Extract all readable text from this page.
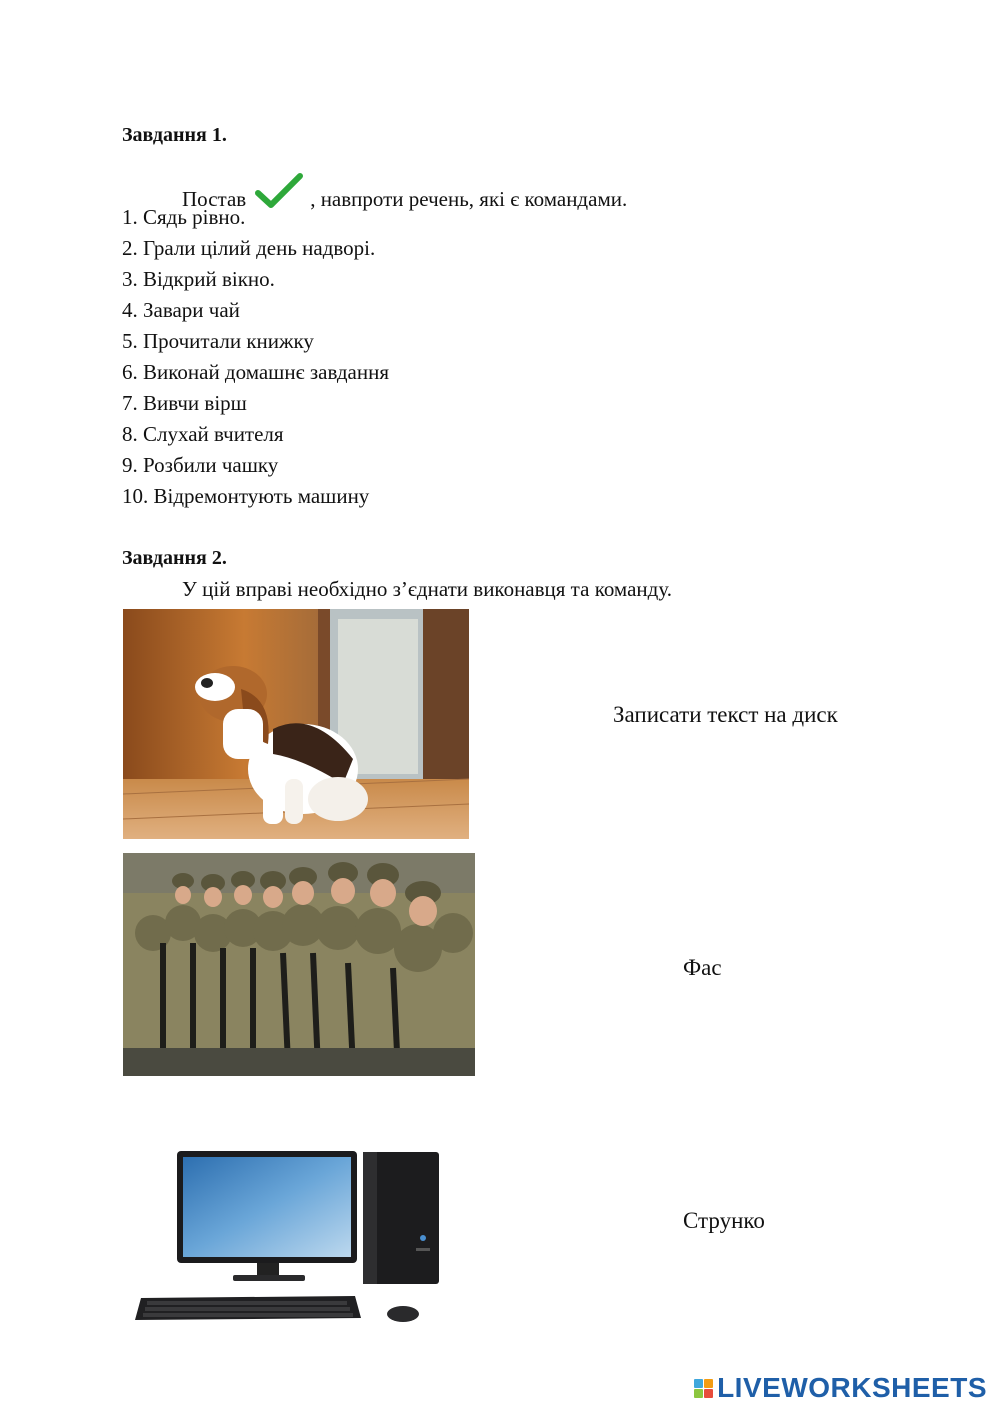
Завдання 1.
Постав	, навпроти речень, які є командами.
1. Сядь рівно.
2. Грали цілий день надворі.
3. Відкрий вікно.
4. Завари чай
5. Прочитали книжку
6. Виконай домашнє завдання
7. Вивчи вірш
8. Слухай вчителя
9. Розбили чашку
10. Відремонтують машину
Завдання 2.
У цій вправі необхідно з’єднати виконавця та команду.
Записати текст на диск
Фас
Струнко
LIVEWORKSHEETS
